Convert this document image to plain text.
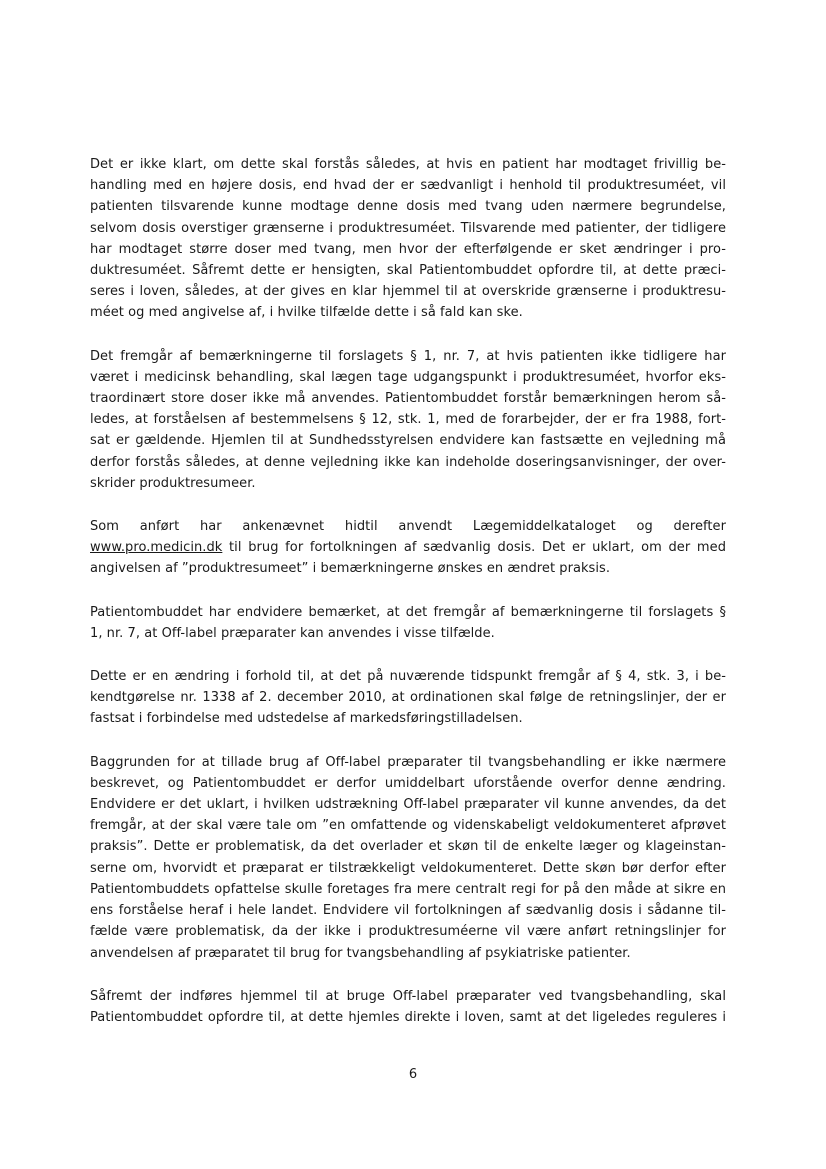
Det er ikke klart, om dette skal forstås således, at hvis en patient har modtaget frivillig be-
handling med en højere dosis, end hvad der er sædvanligt i henhold til produktresuméet, vil
patienten tilsvarende kunne modtage denne dosis med tvang uden nærmere begrundelse,
selvom dosis overstiger grænserne i produktresuméet. Tilsvarende med patienter, der tidligere
har modtaget større doser med tvang, men hvor der efterfølgende er sket ændringer i pro-
duktresuméet. Såfremt dette er hensigten, skal Patientombuddet opfordre til, at dette præci-
seres i loven, således, at der gives en klar hjemmel til at overskride grænserne i produktresu-
méet og med angivelse af, i hvilke tilfælde dette i så fald kan ske.

Det fremgår af bemærkningerne til forslagets § 1, nr. 7, at hvis patienten ikke tidligere har
været i medicinsk behandling, skal lægen tage udgangspunkt i produktresuméet, hvorfor eks-
traordinært store doser ikke må anvendes. Patientombuddet forstår bemærkningen herom så-
ledes, at forståelsen af bestemmelsens § 12, stk. 1, med de forarbejder, der er fra 1988, fort-
sat er gældende. Hjemlen til at Sundhedsstyrelsen endvidere kan fastsætte en vejledning må
derfor forstås således, at denne vejledning ikke kan indeholde doseringsanvisninger, der over-
skrider produktresumeer.

Som anført har ankenævnet hidtil anvendt Lægemiddelkataloget og derefter
www.pro.medicin.dk til brug for fortolkningen af sædvanlig dosis. Det er uklart, om der med
angivelsen af ”produktresumeet” i bemærkningerne ønskes en ændret praksis.

Patientombuddet har endvidere bemærket, at det fremgår af bemærkningerne til forslagets §
1, nr. 7, at Off-label præparater kan anvendes i visse tilfælde.

Dette er en ændring i forhold til, at det på nuværende tidspunkt fremgår af § 4, stk. 3, i be-
kendtgørelse nr. 1338 af 2. december 2010, at ordinationen skal følge de retningslinjer, der er
fastsat i forbindelse med udstedelse af markedsføringstilladelsen.

Baggrunden for at tillade brug af Off-label præparater til tvangsbehandling er ikke nærmere
beskrevet, og Patientombuddet er derfor umiddelbart uforstående overfor denne ændring.
Endvidere er det uklart, i hvilken udstrækning Off-label præparater vil kunne anvendes, da det
fremgår, at der skal være tale om ”en omfattende og videnskabeligt veldokumenteret afprøvet
praksis”. Dette er problematisk, da det overlader et skøn til de enkelte læger og klageinstan-
serne om, hvorvidt et præparat er tilstrækkeligt veldokumenteret. Dette skøn bør derfor efter
Patientombuddets opfattelse skulle foretages fra mere centralt regi for på den måde at sikre en
ens forståelse heraf i hele landet. Endvidere vil fortolkningen af sædvanlig dosis i sådanne til-
fælde være problematisk, da der ikke i produktresuméerne vil være anført retningslinjer for
anvendelsen af præparatet til brug for tvangsbehandling af psykiatriske patienter.

Såfremt der indføres hjemmel til at bruge Off-label præparater ved tvangsbehandling, skal
Patientombuddet opfordre til, at dette hjemles direkte i loven, samt at det ligeledes reguleres i

6
